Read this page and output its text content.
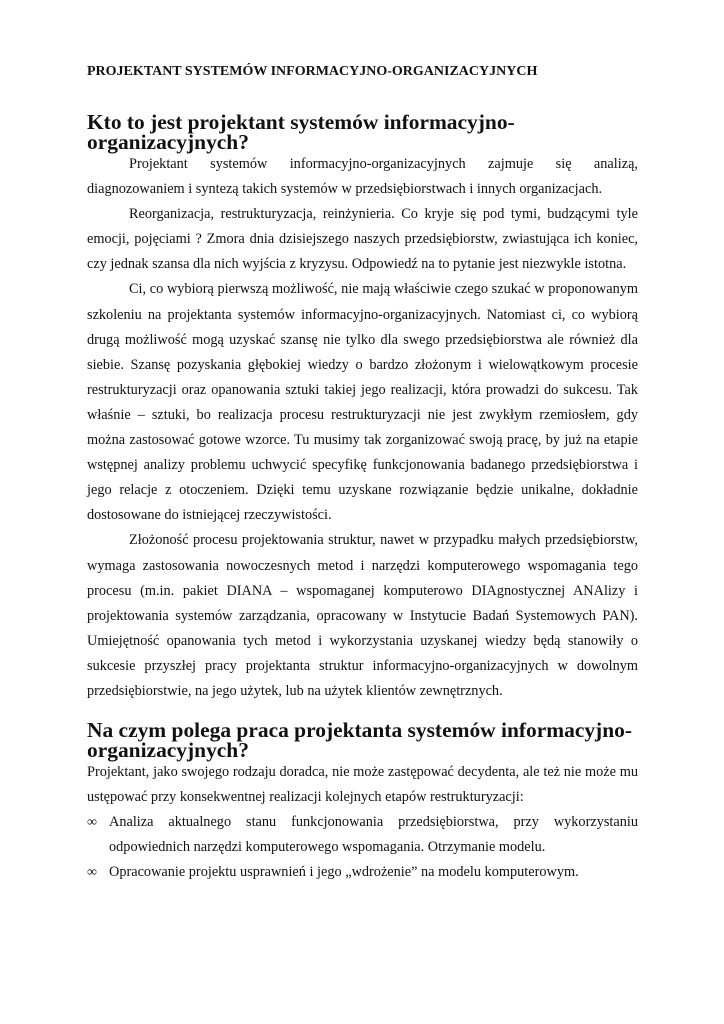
PROJEKTANT SYSTEMÓW INFORMACYJNO-ORGANIZACYJNYCH
Kto to jest projektant systemów informacyjno-organizacyjnych?

Projektant systemów informacyjno-organizacyjnych zajmuje się analizą, diagnozowaniem i syntezą takich systemów w przedsiębiorstwach i innych organizacjach.

Reorganizacja, restrukturyzacja, reinżynieria. Co kryje się pod tymi, budzącymi tyle emocji, pojęciami ? Zmora dnia dzisiejszego naszych przedsiębiorstw, zwiastująca ich koniec, czy jednak szansa dla nich wyjścia z kryzysu. Odpowiedź na to pytanie jest niezwykle istotna.

Ci, co wybiorą pierwszą możliwość, nie mają właściwie czego szukać w proponowanym szkoleniu na projektanta systemów informacyjno-organizacyjnych. Natomiast ci, co wybiorą drugą możliwość mogą uzyskać szansę nie tylko dla swego przedsiębiorstwa ale również dla siebie. Szansę pozyskania głębokiej wiedzy o bardzo złożonym i wielowątkowym procesie restrukturyzacji oraz opanowania sztuki takiej jego realizacji, która prowadzi do sukcesu. Tak właśnie – sztuki, bo realizacja procesu restrukturyzacji nie jest zwykłym rzemiosłem, gdy można zastosować gotowe wzorce. Tu musimy tak zorganizować swoją pracę, by już na etapie wstępnej analizy problemu uchwycić specyfikę funkcjonowania badanego przedsiębiorstwa i jego relacje z otoczeniem. Dzięki temu uzyskane rozwiązanie będzie unikalne, dokładnie dostosowane do istniejącej rzeczywistości.

Złożoność procesu projektowania struktur, nawet w przypadku małych przedsiębiorstw, wymaga zastosowania nowoczesnych metod i narzędzi komputerowego wspomagania tego procesu (m.in. pakiet DIANA – wspomaganej komputerowo DIAgnostycznej ANAlizy i projektowania systemów zarządzania, opracowany w Instytucie Badań Systemowych PAN). Umiejętność opanowania tych metod i wykorzystania uzyskanej wiedzy będą stanowiły o sukcesie przyszłej pracy projektanta struktur informacyjno-organizacyjnych w dowolnym przedsiębiorstwie, na jego użytek, lub na użytek klientów zewnętrznych.

Na czym polega praca projektanta systemów informacyjno-organizacyjnych?

Projektant, jako swojego rodzaju doradca, nie może zastępować decydenta, ale też nie może mu ustępować przy konsekwentnej realizacji kolejnych etapów restrukturyzacji:

∞ Analiza aktualnego stanu funkcjonowania przedsiębiorstwa, przy wykorzystaniu odpowiednich narzędzi komputerowego wspomagania. Otrzymanie modelu.
∞ Opracowanie projektu usprawnień i jego „wdrożenie” na modelu komputerowym.
